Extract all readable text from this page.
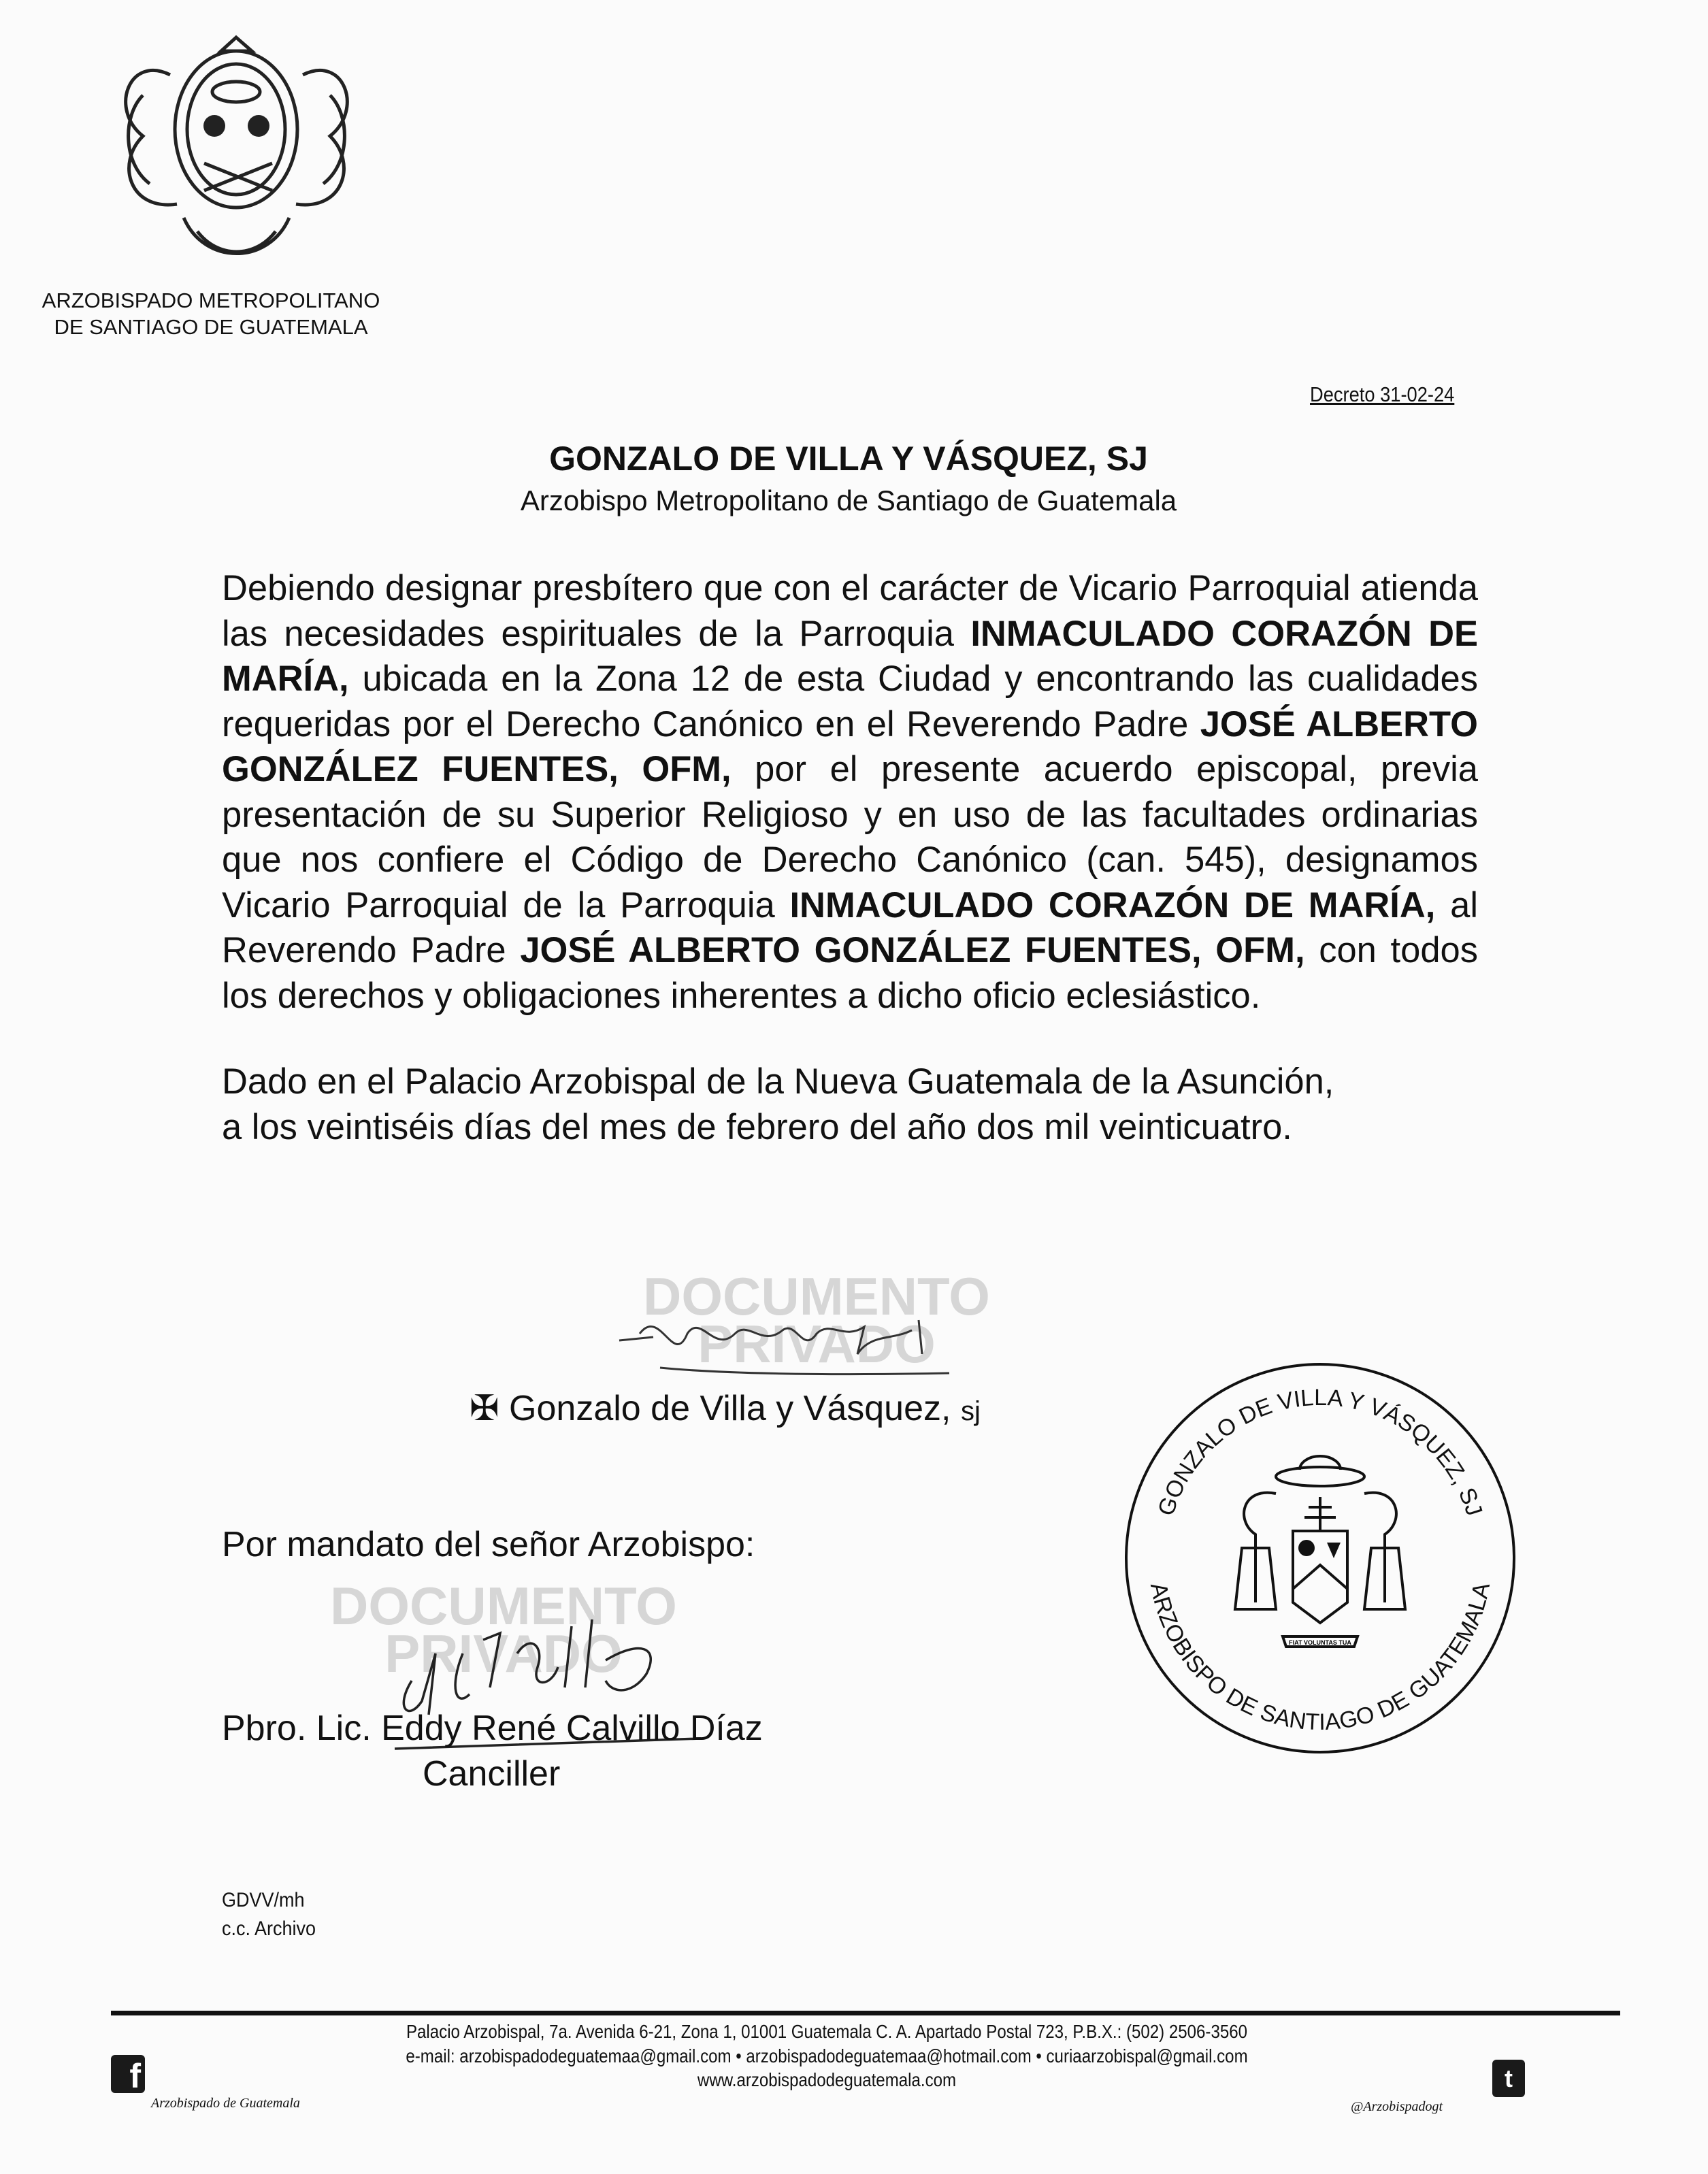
ARZOBISPADO METROPOLITANO
DE SANTIAGO DE GUATEMALA
Decreto 31-02-24
GONZALO DE VILLA Y VÁSQUEZ, SJ
Arzobispo Metropolitano de Santiago de Guatemala
Debiendo designar presbítero que con el carácter de Vicario Parroquial atienda las necesidades espirituales de la Parroquia INMACULADO CORAZÓN DE MARÍA, ubicada en la Zona 12 de esta Ciudad y encontrando las cualidades requeridas por el Derecho Canónico en el Reverendo Padre JOSÉ ALBERTO GONZÁLEZ FUENTES, OFM, por el presente acuerdo episcopal, previa presentación de su Superior Religioso y en uso de las facultades ordinarias que nos confiere el Código de Derecho Canónico (can. 545), designamos Vicario Parroquial de la Parroquia INMACULADO CORAZÓN DE MARÍA, al Reverendo Padre JOSÉ ALBERTO GONZÁLEZ FUENTES, OFM, con todos los derechos y obligaciones inherentes a dicho oficio eclesiástico.
Dado en el Palacio Arzobispal de la Nueva Guatemala de la Asunción,
a los veintiséis días del mes de febrero del año dos mil veinticuatro.
DOCUMENTO
PRIVADO
✠ Gonzalo de Villa y Vásquez, sj
GONZALO DE VILLA Y VÁSQUEZ, SJ
ARZOBISPO DE SANTIAGO DE GUATEMALA
FIAT VOLUNTAS TUA
Por mandato del señor Arzobispo:
DOCUMENTO
PRIVADO
Pbro. Lic. Eddy René Calvillo Díaz
Canciller
GDVV/mh
c.c. Archivo
Palacio Arzobispal, 7a. Avenida 6-21, Zona 1, 01001 Guatemala C. A. Apartado Postal 723, P.B.X.: (502) 2506-3560
e-mail: arzobispadodeguatemaa@gmail.com • arzobispadodeguatemaa@hotmail.com • curiaarzobispal@gmail.com
www.arzobispadodeguatemala.com
f
Arzobispado de Guatemala	@Arzobispadogt
t
